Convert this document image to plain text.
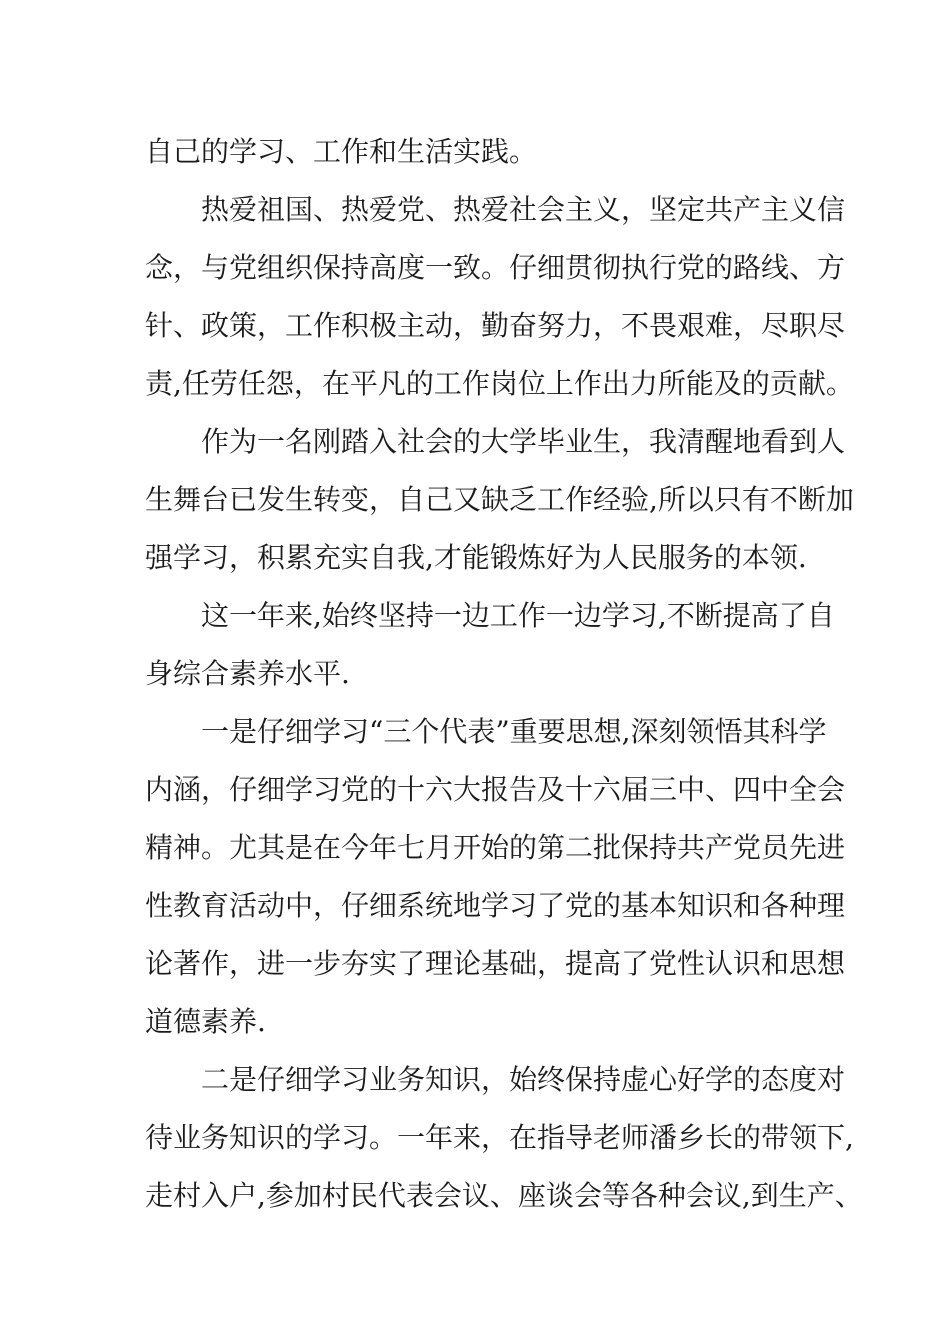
自己的学习、工作和生活实践。
热爱祖国、热爱党、热爱社会主义，坚定共产主义信
念，与党组织保持高度一致。仔细贯彻执行党的路线、方
针、政策，工作积极主动，勤奋努力，不畏艰难，尽职尽
责,任劳任怨，在平凡的工作岗位上作出力所能及的贡献。
作为一名刚踏入社会的大学毕业生，我清醒地看到人
生舞台已发生转变，自己又缺乏工作经验,所以只有不断加
强学习，积累充实自我,才能锻炼好为人民服务的本领.
这一年来,始终坚持一边工作一边学习,不断提高了自
身综合素养水平.
一是仔细学习“三个代表”重要思想,深刻领悟其科学
内涵，仔细学习党的十六大报告及十六届三中、四中全会
精神。尤其是在今年七月开始的第二批保持共产党员先进
性教育活动中，仔细系统地学习了党的基本知识和各种理
论著作，进一步夯实了理论基础，提高了党性认识和思想
道德素养.
二是仔细学习业务知识，始终保持虚心好学的态度对
待业务知识的学习。一年来，在指导老师潘乡长的带领下,
走村入户,参加村民代表会议、座谈会等各种会议,到生产、
